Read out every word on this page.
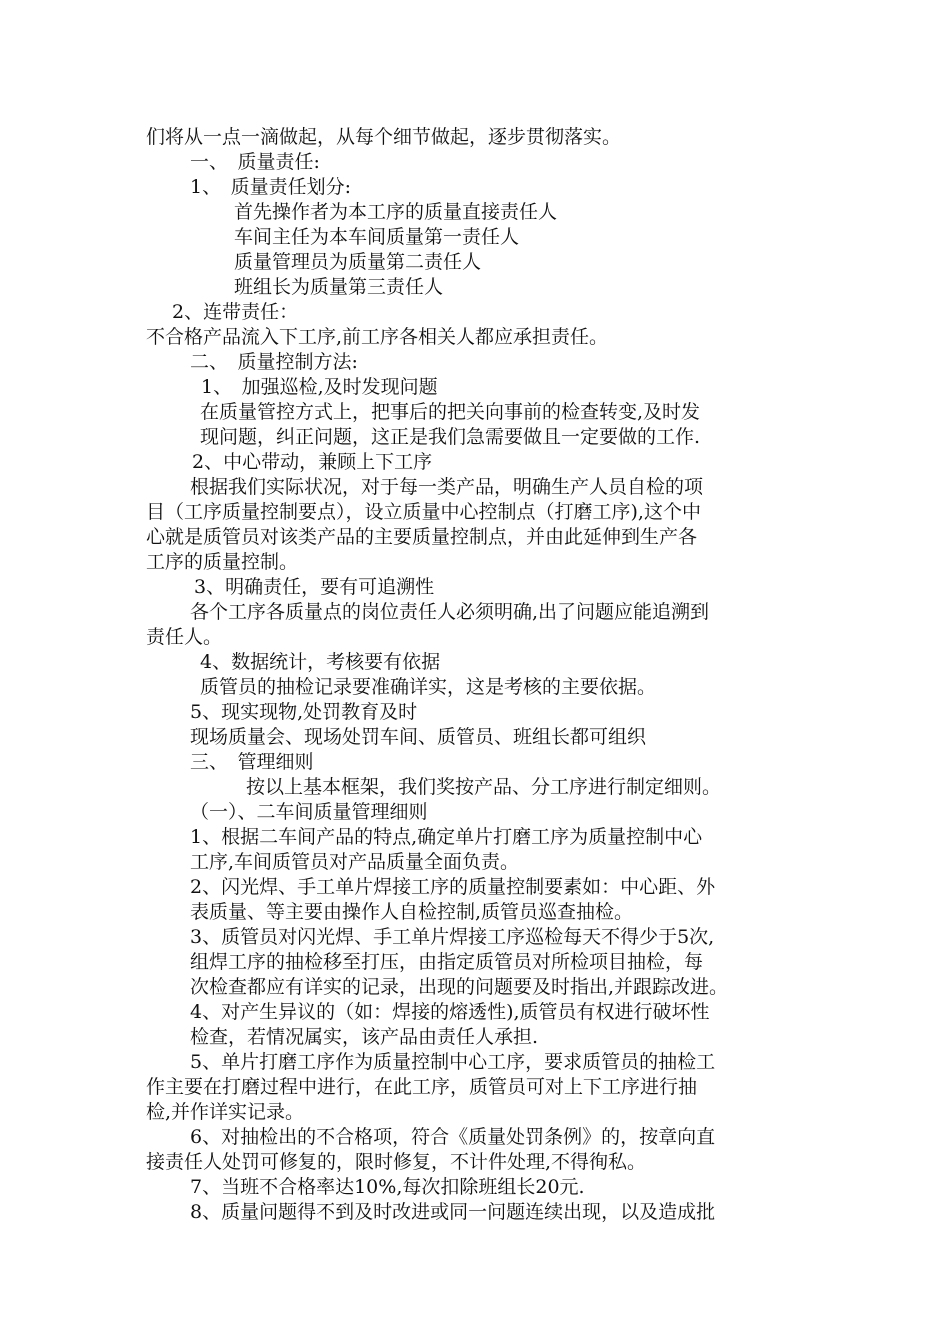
们将从一点一滴做起，从每个细节做起，逐步贯彻落实。
一、　质量责任:
1、　质量责任划分:
首先操作者为本工序的质量直接责任人
车间主任为本车间质量第一责任人
质量管理员为质量第二责任人
班组长为质量第三责任人
2、连带责任：
不合格产品流入下工序,前工序各相关人都应承担责任。
二、　质量控制方法:
1、　加强巡检,及时发现问题
在质量管控方式上，把事后的把关向事前的检查转变,及时发
现问题，纠正问题，这正是我们急需要做且一定要做的工作.
2、中心带动，兼顾上下工序
根据我们实际状况，对于每一类产品，明确生产人员自检的项
目（工序质量控制要点），设立质量中心控制点（打磨工序),这个中
心就是质管员对该类产品的主要质量控制点，并由此延伸到生产各
工序的质量控制。
3、明确责任，要有可追溯性
各个工序各质量点的岗位责任人必须明确,出了问题应能追溯到
责任人。
4、数据统计，考核要有依据
质管员的抽检记录要准确详实，这是考核的主要依据。
5、现实现物,处罚教育及时
现场质量会、现场处罚车间、质管员、班组长都可组织
三、　管理细则
按以上基本框架，我们奖按产品、分工序进行制定细则。
（一）、二车间质量管理细则
1、根据二车间产品的特点,确定单片打磨工序为质量控制中心
工序,车间质管员对产品质量全面负责。
2、闪光焊、手工单片焊接工序的质量控制要素如：中心距、外
表质量、等主要由操作人自检控制,质管员巡查抽检。
3、质管员对闪光焊、手工单片焊接工序巡检每天不得少于5次,
组焊工序的抽检移至打压，由指定质管员对所检项目抽检，每
次检查都应有详实的记录，出现的问题要及时指出,并跟踪改进。
4、对产生异议的（如：焊接的熔透性),质管员有权进行破坏性
检查，若情况属实，该产品由责任人承担.
5、单片打磨工序作为质量控制中心工序，要求质管员的抽检工
作主要在打磨过程中进行，在此工序，质管员可对上下工序进行抽
检,并作详实记录。
6、对抽检出的不合格项，符合《质量处罚条例》的，按章向直
接责任人处罚可修复的，限时修复，不计件处理,不得徇私。
7、当班不合格率达10%,每次扣除班组长20元.
8、质量问题得不到及时改进或同一问题连续出现，以及造成批
